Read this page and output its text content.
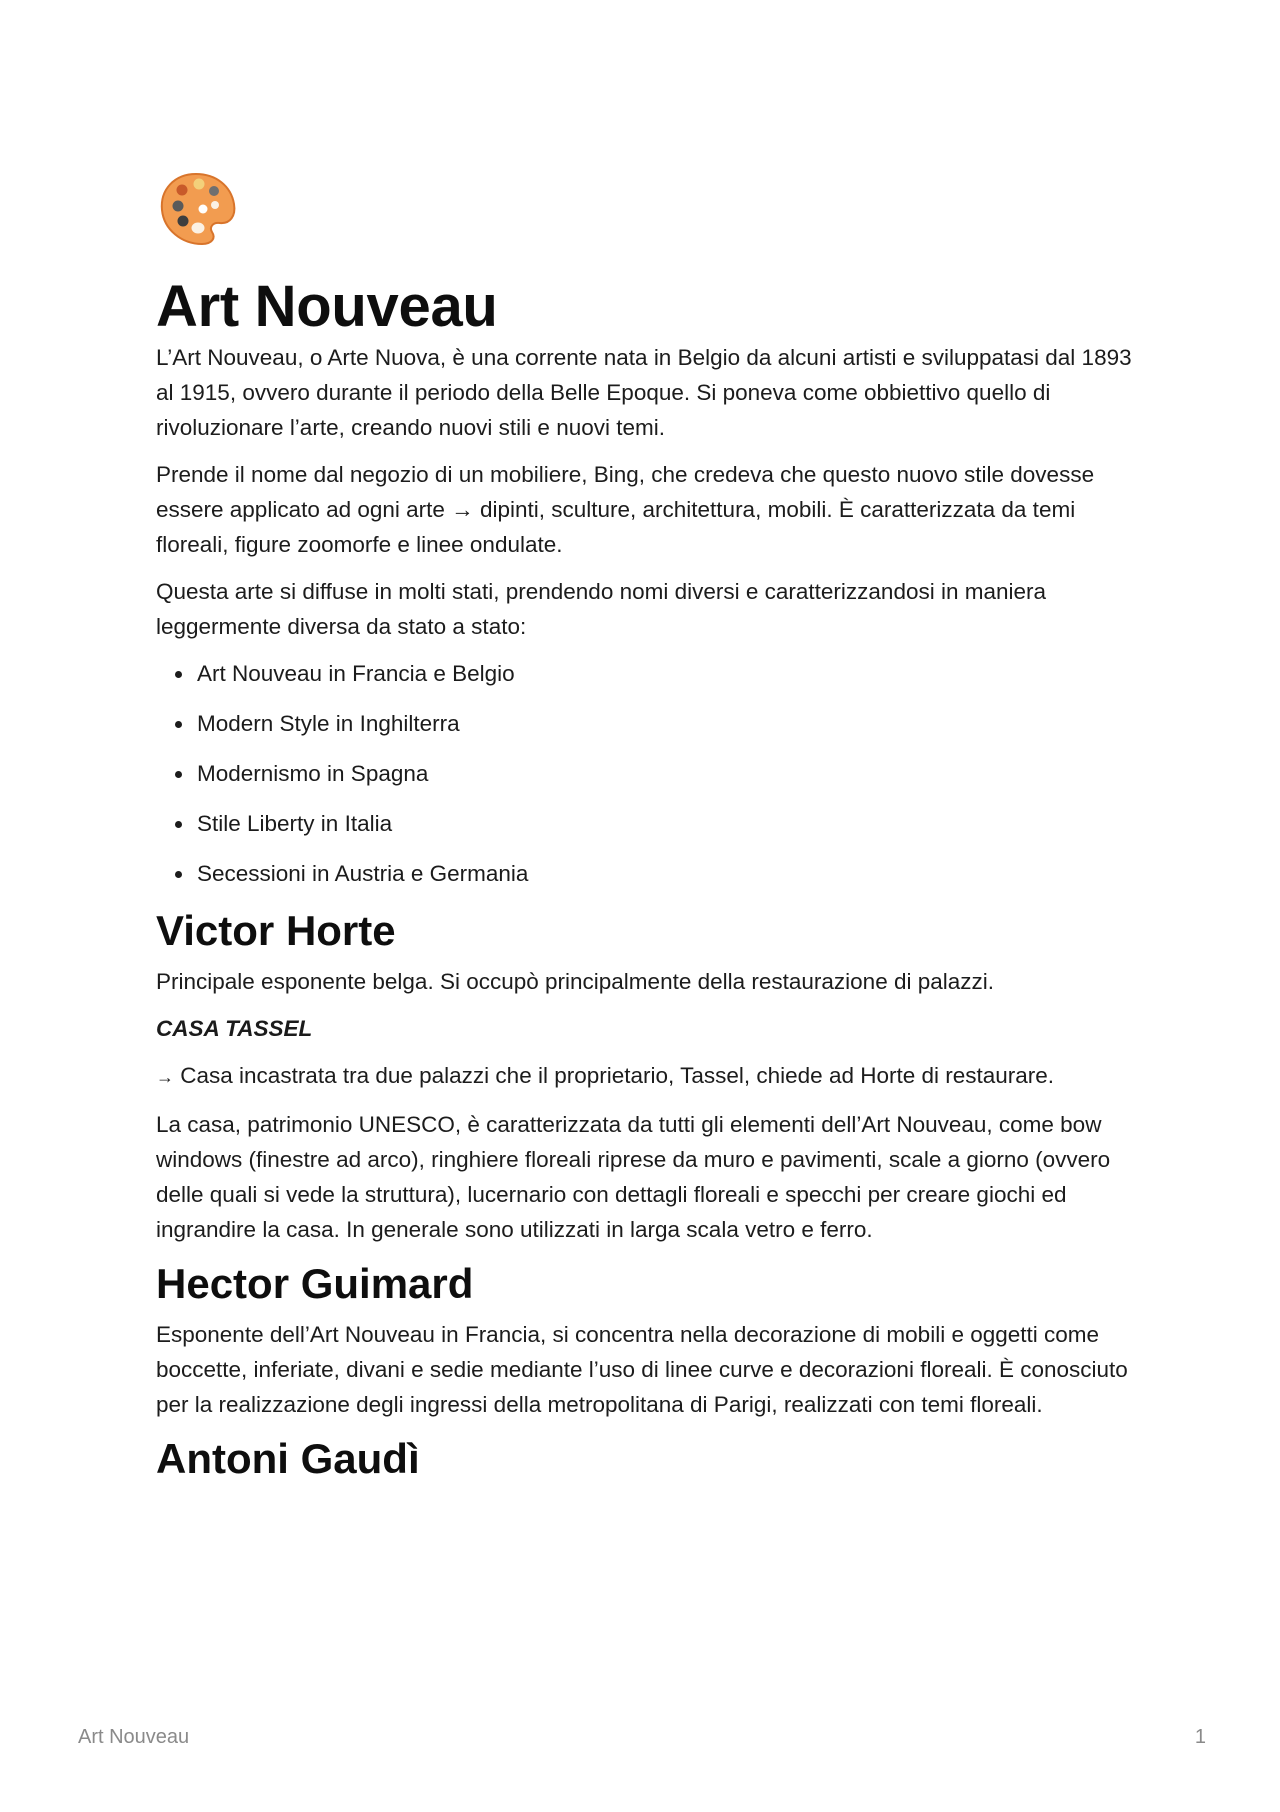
Art Nouveau

L’Art Nouveau, o Arte Nuova, è una corrente nata in Belgio da alcuni artisti e sviluppatasi dal 1893 al 1915, ovvero durante il periodo della Belle Epoque. Si poneva come obbiettivo quello di rivoluzionare l’arte, creando nuovi stili e nuovi temi.

Prende il nome dal negozio di un mobiliere, Bing, che credeva che questo nuovo stile dovesse essere applicato ad ogni arte → dipinti, sculture, architettura, mobili. È caratterizzata da temi floreali, figure zoomorfe e linee ondulate.

Questa arte si diffuse in molti stati, prendendo nomi diversi e caratterizzandosi in maniera leggermente diversa da stato a stato:

Art Nouveau in Francia e Belgio
Modern Style in Inghilterra
Modernismo in Spagna
Stile Liberty in Italia
Secessioni in Austria e Germania
Victor Horte

Principale esponente belga. Si occupò principalmente della restaurazione di palazzi.

CASA TASSEL

→ Casa incastrata tra due palazzi che il proprietario, Tassel, chiede ad Horte di restaurare.

La casa, patrimonio UNESCO, è caratterizzata da tutti gli elementi dell’Art Nouveau, come bow windows (finestre ad arco), ringhiere floreali riprese da muro e pavimenti, scale a giorno (ovvero delle quali si vede la struttura), lucernario con dettagli floreali e specchi per creare giochi ed ingrandire la casa. In generale sono utilizzati in larga scala vetro e ferro.

Hector Guimard

Esponente dell’Art Nouveau in Francia, si concentra nella decorazione di mobili e oggetti come boccette, inferiate, divani e sedie mediante l’uso di linee curve e decorazioni floreali. È conosciuto per la realizzazione degli ingressi della metropolitana di Parigi, realizzati con temi floreali.

Antoni Gaudì
Art Nouveau	1
